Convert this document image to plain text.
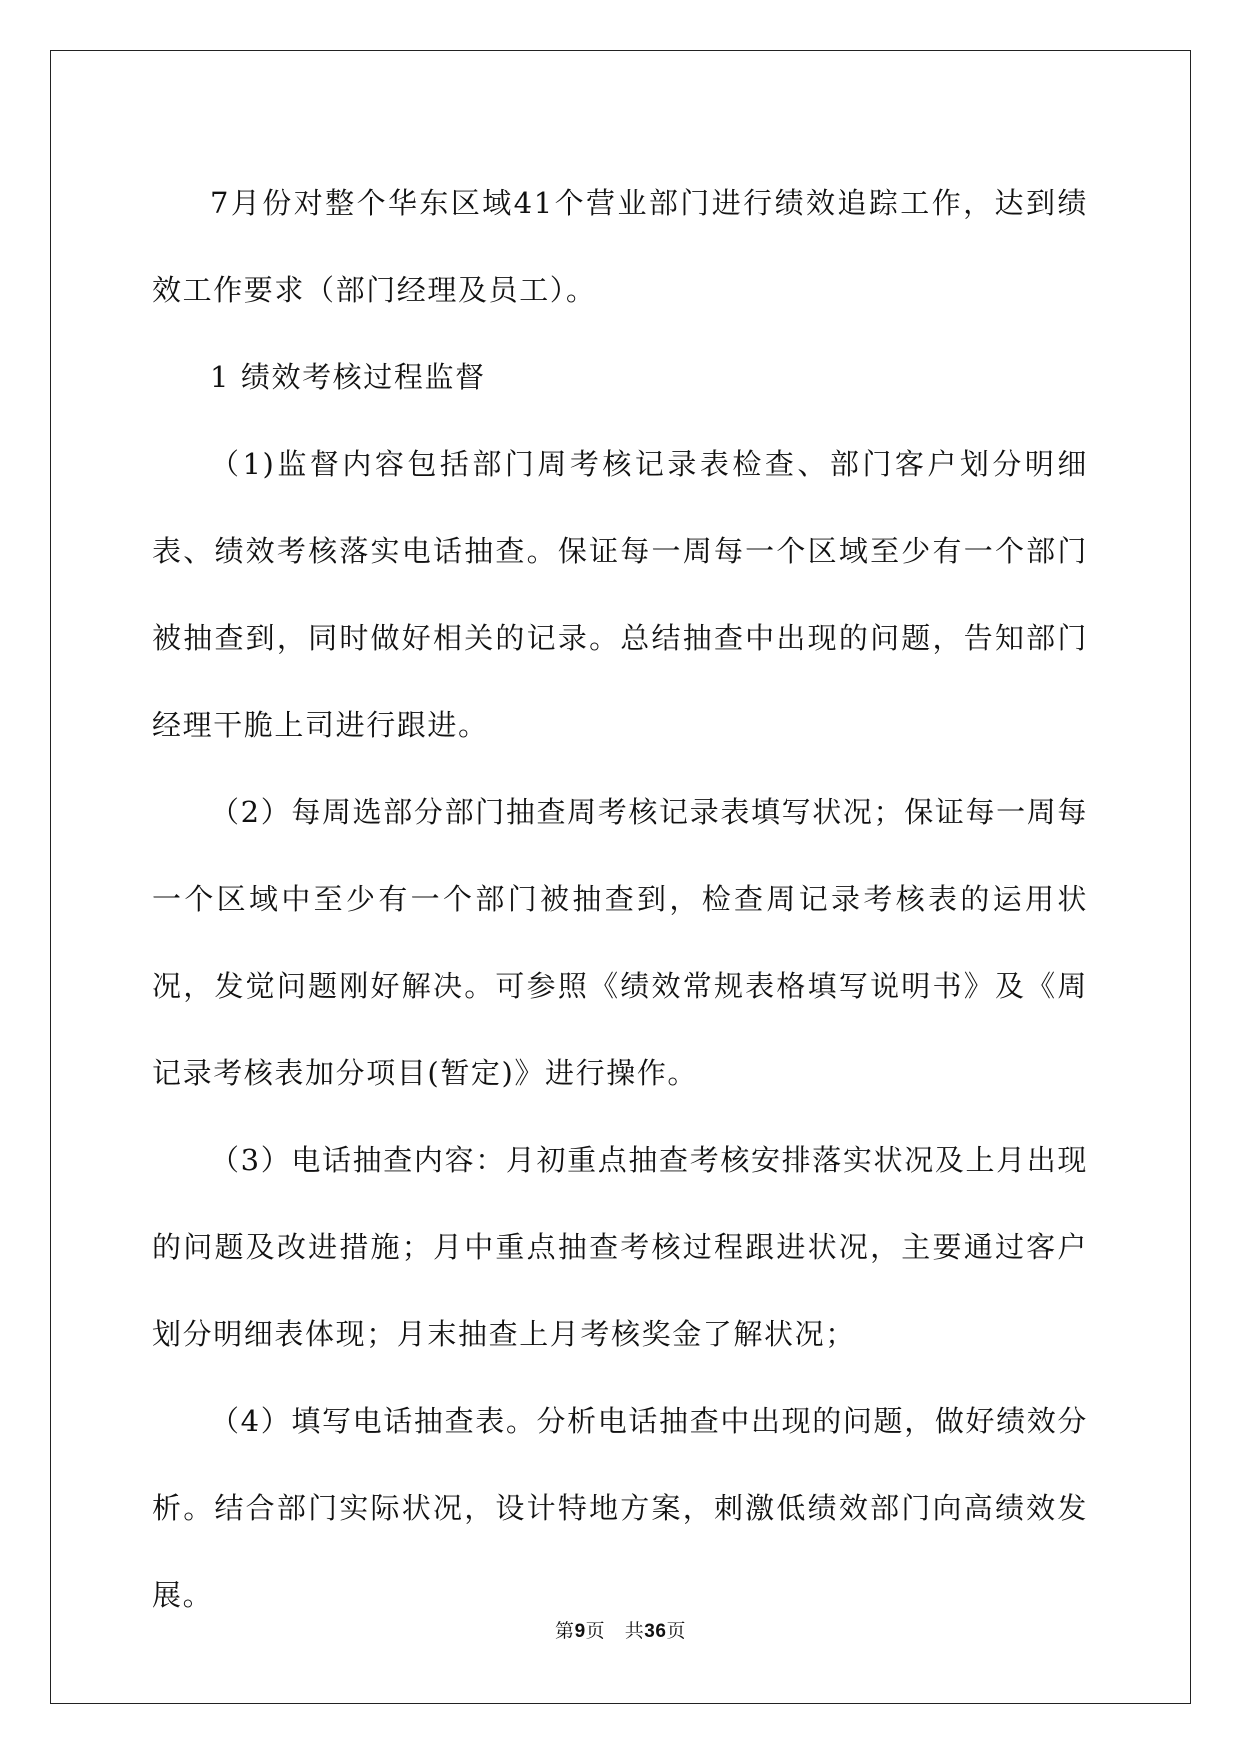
7月份对整个华东区域41个营业部门进行绩效追踪工作，达到绩效工作要求（部门经理及员工）。

1 绩效考核过程监督

（1)监督内容包括部门周考核记录表检查、部门客户划分明细表、绩效考核落实电话抽查。保证每一周每一个区域至少有一个部门被抽查到，同时做好相关的记录。总结抽查中出现的问题，告知部门经理干脆上司进行跟进。

（2）每周选部分部门抽查周考核记录表填写状况；保证每一周每一个区域中至少有一个部门被抽查到，检查周记录考核表的运用状况，发觉问题刚好解决。可参照《绩效常规表格填写说明书》及《周记录考核表加分项目(暂定)》进行操作。

（3）电话抽查内容：月初重点抽查考核安排落实状况及上月出现的问题及改进措施；月中重点抽查考核过程跟进状况，主要通过客户划分明细表体现；月末抽查上月考核奖金了解状况；

（4）填写电话抽查表。分析电话抽查中出现的问题，做好绩效分析。结合部门实际状况，设计特地方案，刺激低绩效部门向高绩效发展。

第9页 共36页
